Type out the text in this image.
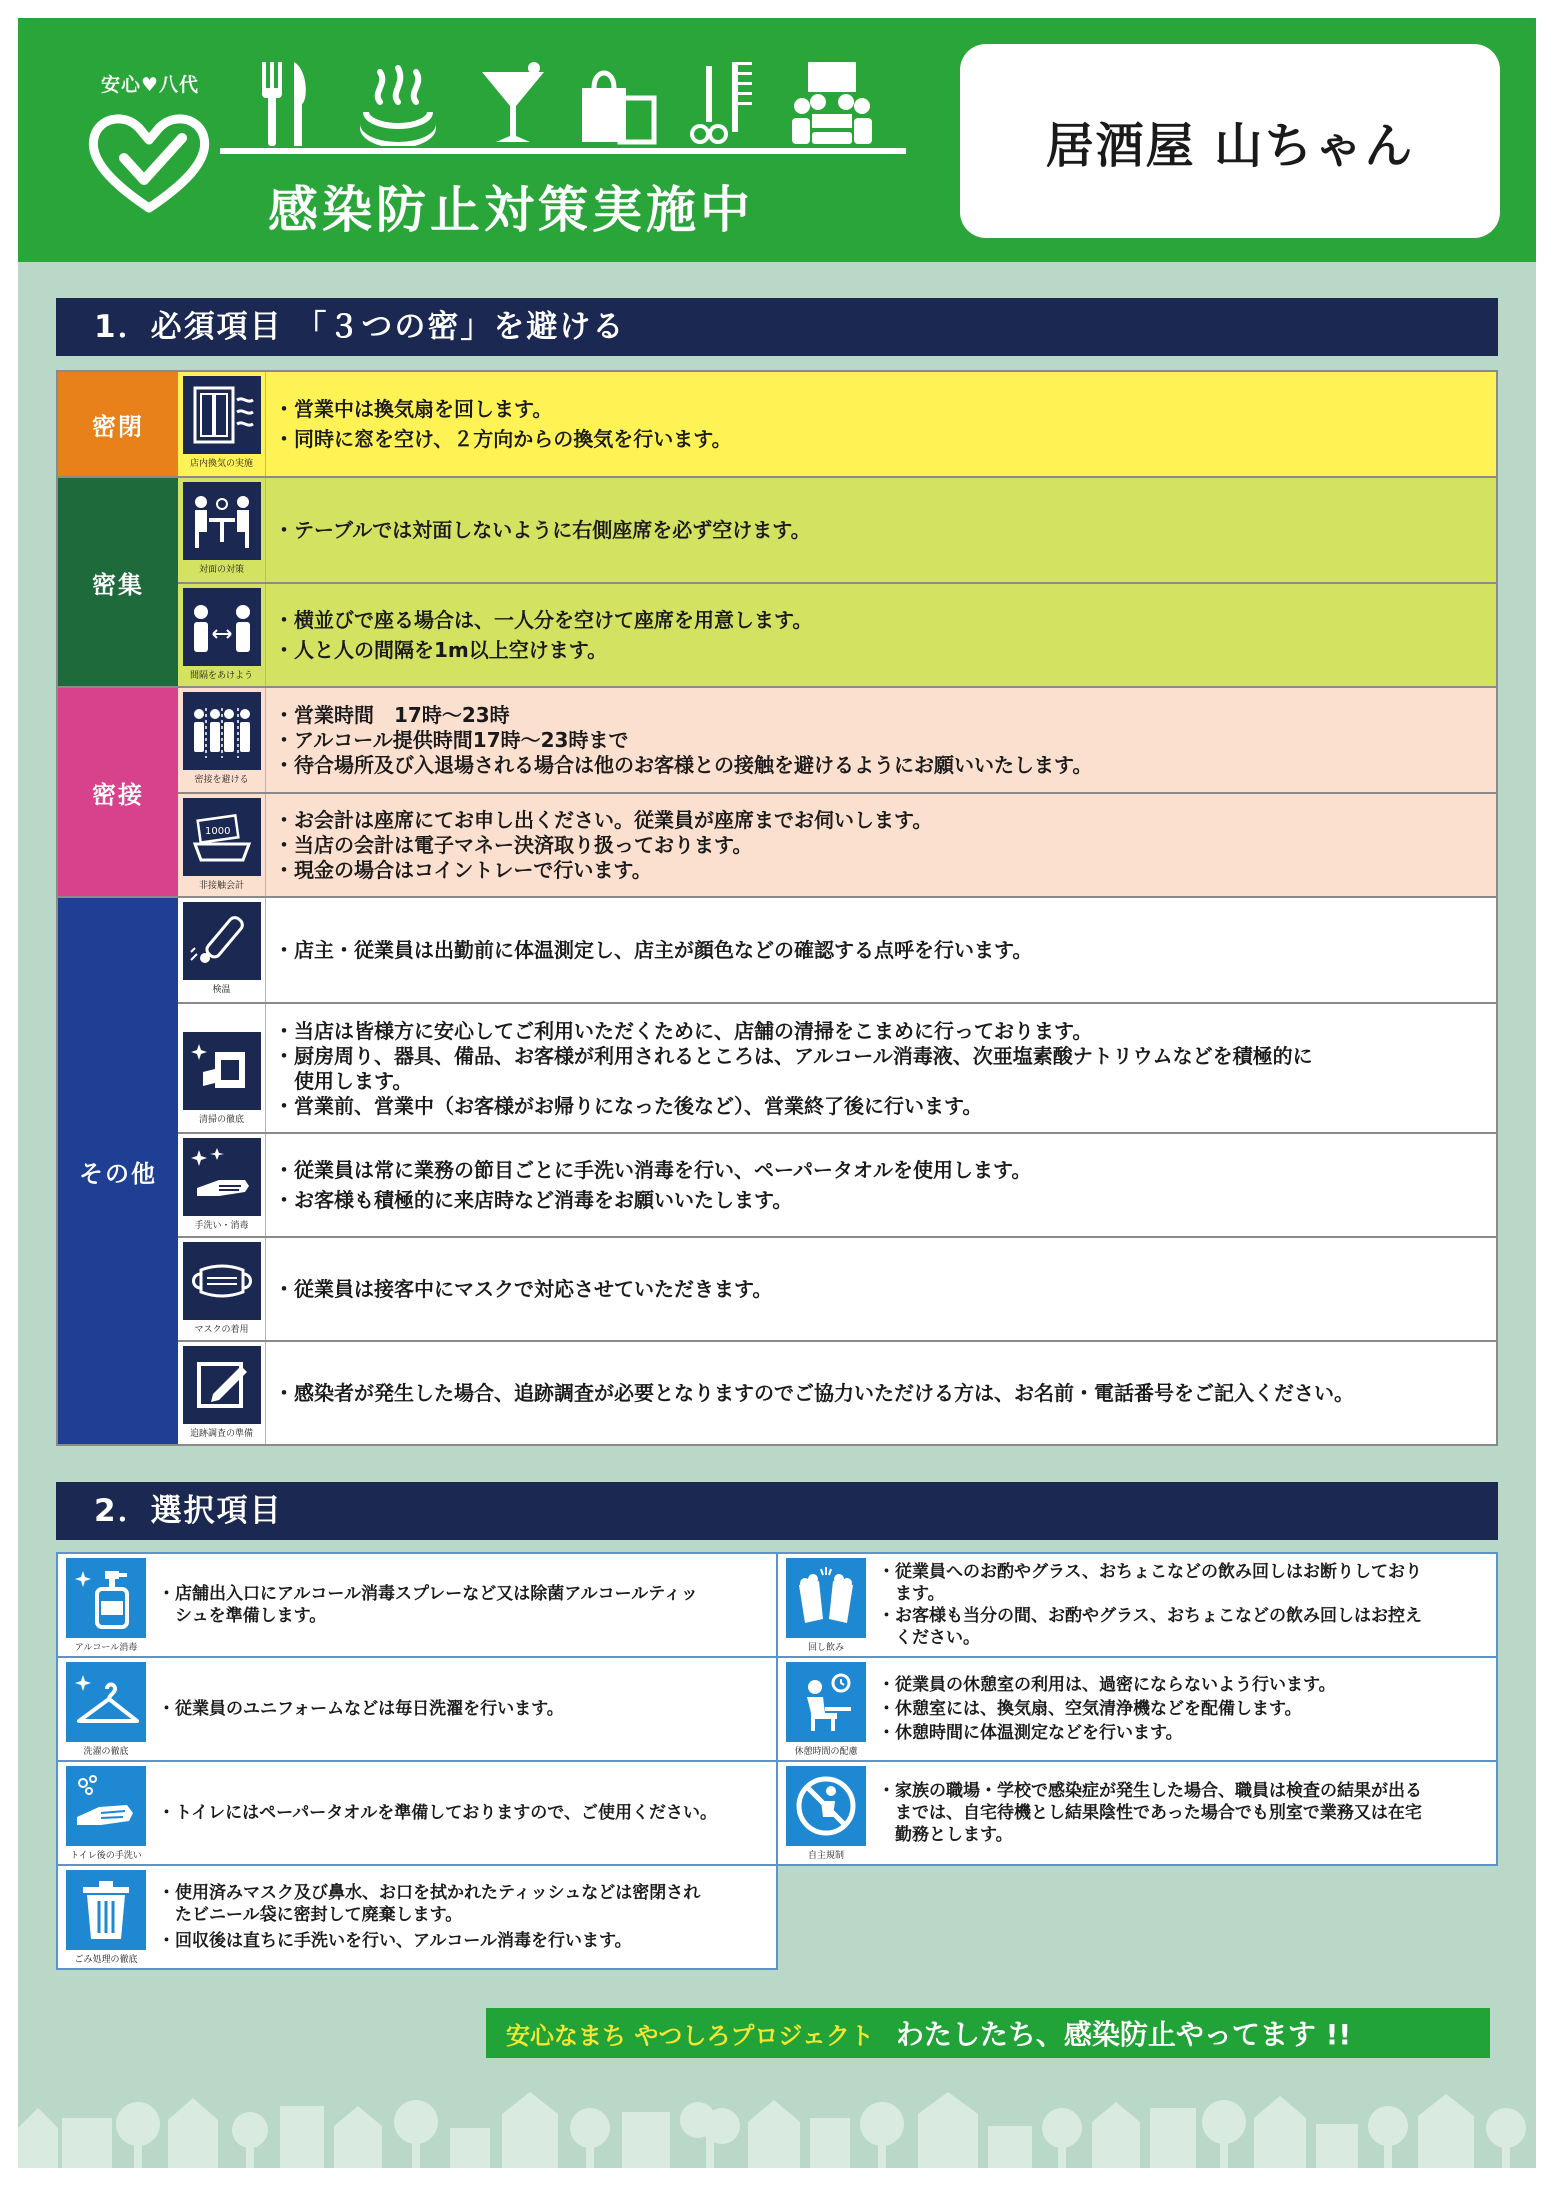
安心♥八代
感染防止対策実施中
居酒屋 山ちゃん
1．必須項目 「３つの密」を避ける
密閉
店内換気の実施

・営業中は換気扇を回します。

・同時に窓を空け、２方向からの換気を行います。

密集
対面の対策

・テーブルでは対面しないように右側座席を必ず空けます。

間隔をあけよう

・横並びで座る場合は、一人分を空けて座席を用意します。

・人と人の間隔を1m以上空けます。

密接
密接を避ける

・営業時間　17時～23時

・アルコール提供時間17時～23時まで

・待合場所及び入退場される場合は他のお客様との接触を避けるようにお願いいたします。

1000
非接触会計

・お会計は座席にてお申し出ください。従業員が座席までお伺いします。

・当店の会計は電子マネー決済取り扱っております。

・現金の場合はコイントレーで行います。

その他
検温

・店主・従業員は出勤前に体温測定し、店主が顔色などの確認する点呼を行います。

清掃の徹底

・当店は皆様方に安心してご利用いただくために、店舗の清掃をこまめに行っております。

・厨房周り、器具、備品、お客様が利用されるところは、アルコール消毒液、次亜塩素酸ナトリウムなどを積極的に

　使用します。

・営業前、営業中（お客様がお帰りになった後など）、営業終了後に行います。

手洗い・消毒

・従業員は常に業務の節目ごとに手洗い消毒を行い、ペーパータオルを使用します。

・お客様も積極的に来店時など消毒をお願いいたします。

マスクの着用

・従業員は接客中にマスクで対応させていただきます。

追跡調査の準備

・感染者が発生した場合、追跡調査が必要となりますのでご協力いただける方は、お名前・電話番号をご記入ください。

2．選択項目
アルコール消毒

・店舗出入口にアルコール消毒スプレーなど又は除菌アルコールティッ

　シュを準備します。

洗濯の徹底

・従業員のユニフォームなどは毎日洗濯を行います。

トイレ後の手洗い

・トイレにはペーパータオルを準備しておりますので、ご使用ください。

ごみ処理の徹底

・使用済みマスク及び鼻水、お口を拭かれたティッシュなどは密閉され

　たビニール袋に密封して廃棄します。

・回収後は直ちに手洗いを行い、アルコール消毒を行います。

回し飲み

・従業員へのお酌やグラス、おちょこなどの飲み回しはお断りしており

　ます。

・お客様も当分の間、お酌やグラス、おちょこなどの飲み回しはお控え

　ください。

休憩時間の配慮

・従業員の休憩室の利用は、過密にならないよう行います。

・休憩室には、換気扇、空気清浄機などを配備します。

・休憩時間に体温測定などを行います。

自主規制

・家族の職場・学校で感染症が発生した場合、職員は検査の結果が出る

　までは、自宅待機とし結果陰性であった場合でも別室で業務又は在宅

　勤務とします。

安心なまち やつしろプロジェクト わたしたち、感染防止やってます !!
